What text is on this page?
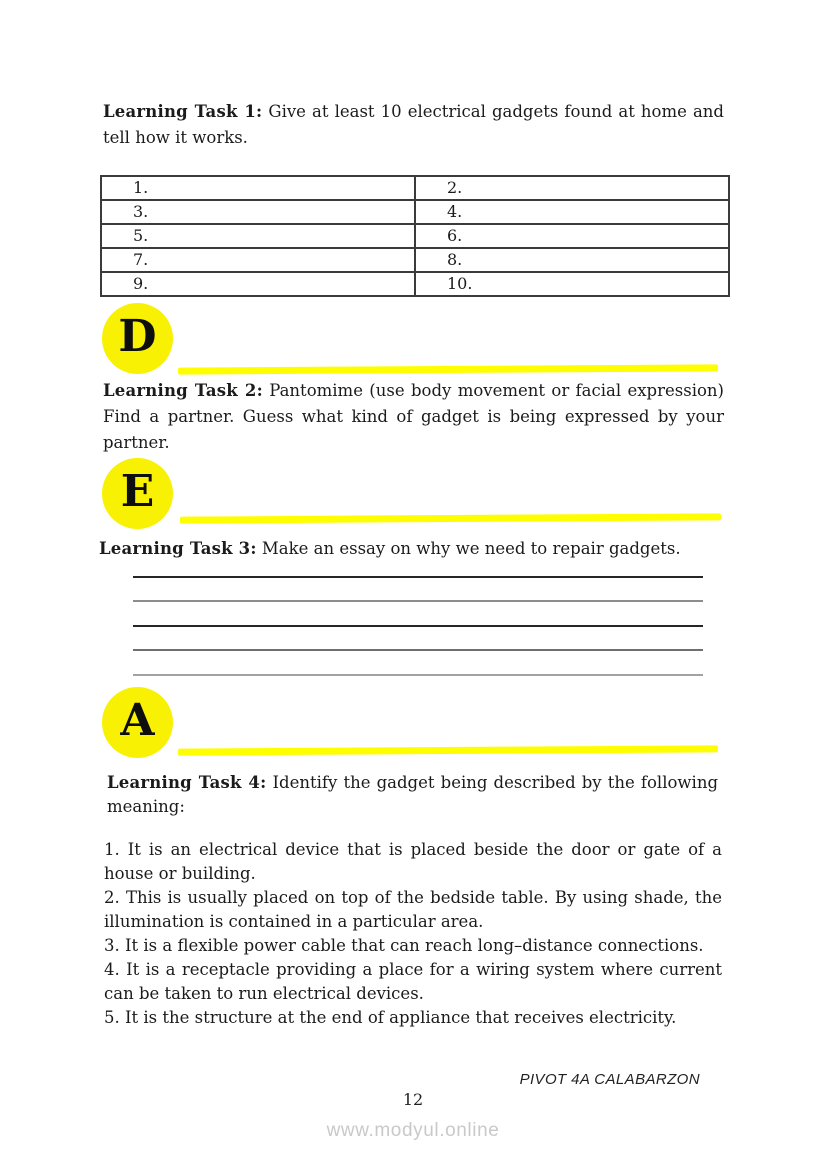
Learning Task 1: Give at least 10 electrical gadgets found at home and tell how it works.

1.	2.
3.	4.
5.	6.
7.	8.
9.	10.
D

Learning Task 2: Pantomime (use body movement or facial expression) Find a partner. Guess what kind of gadget is being expressed by your partner.

E

Learning Task 3: Make an essay on why we need to repair gadgets.

A

Learning Task 4: Identify the gadget being described by the following meaning:

1. It is an electrical device that is placed beside the door or gate of a house or building.

2. This is usually placed on top of the bedside table. By using shade, the illumination is contained in a particular area.

3. It is a flexible power cable that can reach long–distance connections.

4. It is a receptacle providing a place for a wiring system where current can be taken to run electrical devices.

5. It is the structure at the end of appliance that receives electricity.

PIVOT 4A CALABARZON
12
www.modyul.online
